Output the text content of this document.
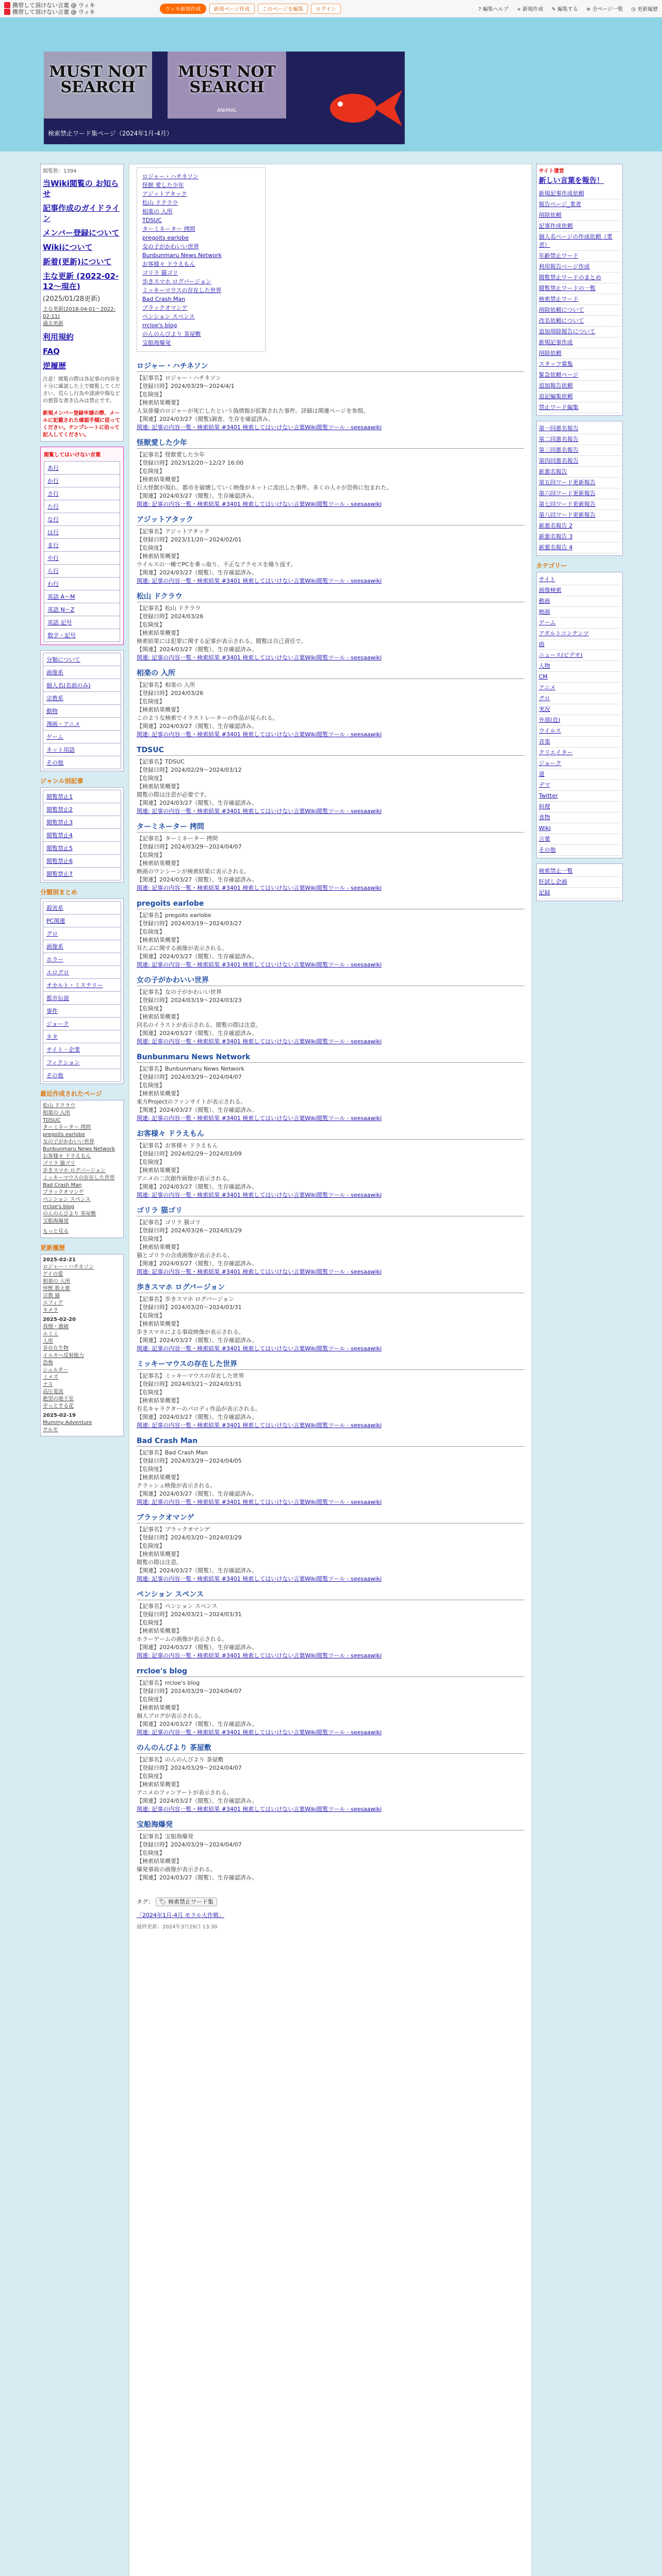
携帯して頂けない言葉 @ ウィキ
携帯して頂けない言葉 @ ウィキ	ウィキ新規作成	新規ページ作成	このページを編集	ログイン	? 編集ヘルプ + 新規作成 ✎ 編集する ≡ 全ページ一覧 ◷ 更新履歴
MUST NOT SEARCH
MUST NOT SEARCH
ANIMAL
検索禁止ワード集ページ（2024年1月-4月）
閲覧数：1394
当Wiki閲覧の お知らせ
記事作成のガイドライン
メンバー登録について
Wikiについて
新着(更新)について
主な更新 (2022-02-12〜現在)
(2025/01/28更新)
主な更新(2018-04-01〜2022-02-11)
過去更新
利用規約
FAQ
逆履歴
注意！閲覧の際は各記事の内容を十分に確認した上で閲覧してください。荒らし行為や誹謗中傷などの悪質な書き込みは禁止です。
新規メンバー登録申請の際、メールに記載された確認手順に従ってください。テンプレートに沿って記入してください。
閲覧してはいけない言葉
あ行
か行
さ行
た行
な行
は行
ま行
や行
ら行
わ行
英語 A〜M
英語 N〜Z
英語 記号
数字・記号
分類について
画像系
個人名(名前のみ)
宗教系
動物
漫画・アニメ
ゲーム
ネット用語
その他
ジャンル別記事
閲覧禁止1
閲覧禁止2
閲覧禁止3
閲覧禁止4
閲覧禁止5
閲覧禁止6
閲覧禁止7
分類別まとめ
殺害系
PC関連
グロ
画像系
ホラー
エログロ
オカルト・ミステリー
都市伝説
事件
ジョーク
ネタ
サイト・企業
フィクション
その他
最近作成されたページ
松山 ドクラウ
相楽の 入所
TDSUC
ターミネーター 拷問
pregoits earlobe
女の子がかわいい世界
Bunbunmaru News Network
お客様々 ドラえもん
ゴリラ 猫ゴリ
歩きスマホ ログバージョン
ミッキーマウスの存在した世界
Bad Crash Man
ブラックオマンゲ
ペンション スペンス
rrcloe's blog
のんのんびより 茶屋敷
宝船海爆発
もっと見る
更新履歴
2025-02-21
ロジャー・ハチネソン
ゲイの愛
相楽の 入所
怪獣 数え歌
宗教 猫
スフィア
キメラ
2025-02-20
我慢・激痛
ルミミ
人形
非存在生物
イルカへ反射能力
恐怖
シェルター
ミメズ
ナス
高圧電流
絶望の地下室
ぞっとする花
2025-02-19
Mummy Adventure
サルモ
ロジャー・ハチネソン
怪獣 愛した少年
アジットアタック
松山 ドクラウ
相楽の 入所
TDSUC
ターミネーター 拷問
pregoits earlobe
女の子がかわいい世界
Bunbunmaru News Network
お客様々 ドラえもん
ゴリラ 猫ゴリ
歩きスマホ ログバージョン
ミッキーマウスの存在した世界
Bad Crash Man
ブラックオマンゲ
ペンション スペンス
rrcloe's blog
のんのんびより 茶屋敷
宝船海爆発
ロジャー・ハチネソン
【記事名】ロジャー・ハチネソン
【登録日時】2024/03/29〜2024/4/1
【危険度】
【検索結果概要】
人気俳優のロジャーが死亡したという偽情報が拡散された事件。詳細は関連ページを参照。
【関連】2024/03/27（閲覧)調査、生存を確認済み。
関連: 記事の内容一覧・検索結果 #3401 検索してはいけない言葉Wiki閲覧ツール - seesaawiki
怪獣愛した少年
【記事名】怪獣愛した少年
【登録日時】2023/12/20〜12/27 16:00
【危険度】
【検索結果概要】
巨大怪獣が現れ、都市を破壊していく映像がネットに流出した事件。多くの人々が恐怖に包まれた。
【関連】2024/03/27（閲覧）、生存確認済み。
関連: 記事の内容一覧・検索結果 #3401 検索してはいけない言葉Wiki閲覧ツール - seesaawiki
アジットアタック
【記事名】アジットアタック
【登録日時】2023/11/20〜2024/02/01
【危険度】
【検索結果概要】
ウイルスの一種でPCを乗っ取り、不正なアクセスを繰り返す。
【関連】2024/03/27（閲覧）、生存確認済み。
関連: 記事の内容一覧・検索結果 #3401 検索してはいけない言葉Wiki閲覧ツール - seesaawiki
松山 ドクラウ
【記事名】松山 ドクラウ
【登録日時】2024/03/26
【危険度】
【検索結果概要】
検索結果には犯罪に関する記事が表示される。閲覧は自己責任で。
【関連】2024/03/27（閲覧）、生存確認済み。
関連: 記事の内容一覧・検索結果 #3401 検索してはいけない言葉Wiki閲覧ツール - seesaawiki
相楽の 入所
【記事名】相楽の 入所
【登録日時】2024/03/26
【危険度】
【検索結果概要】
このような検索でイラストレーターの作品が見られる。
【関連】2024/03/27（閲覧）、生存確認済み。
関連: 記事の内容一覧・検索結果 #3401 検索してはいけない言葉Wiki閲覧ツール - seesaawiki
TDSUC
【記事名】TDSUC
【登録日時】2024/02/29〜2024/03/12
【危険度】
【検索結果概要】
閲覧の際は注意が必要です。
【関連】2024/03/27（閲覧）、生存確認済み。
関連: 記事の内容一覧・検索結果 #3401 検索してはいけない言葉Wiki閲覧ツール - seesaawiki
ターミネーター 拷問
【記事名】ターミネーター 拷問
【登録日時】2024/03/29〜2024/04/07
【危険度】
【検索結果概要】
映画のワンシーンが検索結果に表示される。
【関連】2024/03/27（閲覧）、生存確認済み。
関連: 記事の内容一覧・検索結果 #3401 検索してはいけない言葉Wiki閲覧ツール - seesaawiki
pregoits earlobe
【記事名】pregoits earlobe
【登録日時】2024/03/19〜2024/03/27
【危険度】
【検索結果概要】
耳たぶに関する画像が表示される。
【関連】2024/03/27（閲覧）、生存確認済み。
関連: 記事の内容一覧・検索結果 #3401 検索してはいけない言葉Wiki閲覧ツール - seesaawiki
女の子がかわいい世界
【記事名】女の子がかわいい世界
【登録日時】2024/03/19〜2024/03/23
【危険度】
【検索結果概要】
同名のイラストが表示される。閲覧の際は注意。
【関連】2024/03/27（閲覧）、生存確認済み。
関連: 記事の内容一覧・検索結果 #3401 検索してはいけない言葉Wiki閲覧ツール - seesaawiki
Bunbunmaru News Network
【記事名】Bunbunmaru News Network
【登録日時】2024/03/29〜2024/04/07
【危険度】
【検索結果概要】
東方Projectのファンサイトが表示される。
【関連】2024/03/27（閲覧）、生存確認済み。
関連: 記事の内容一覧・検索結果 #3401 検索してはいけない言葉Wiki閲覧ツール - seesaawiki
お客様々 ドラえもん
【記事名】お客様々 ドラえもん
【登録日時】2024/02/29〜2024/03/09
【危険度】
【検索結果概要】
アニメの二次創作画像が表示される。
【関連】2024/03/27（閲覧）、生存確認済み。
関連: 記事の内容一覧・検索結果 #3401 検索してはいけない言葉Wiki閲覧ツール - seesaawiki
ゴリラ 猫ゴリ
【記事名】ゴリラ 猫ゴリ
【登録日時】2024/03/26〜2024/03/29
【危険度】
【検索結果概要】
猫とゴリラの合成画像が表示される。
【関連】2024/03/27（閲覧）、生存確認済み。
関連: 記事の内容一覧・検索結果 #3401 検索してはいけない言葉Wiki閲覧ツール - seesaawiki
歩きスマホ ログバージョン
【記事名】歩きスマホ ログバージョン
【登録日時】2024/03/20〜2024/03/31
【危険度】
【検索結果概要】
歩きスマホによる事故映像が表示される。
【関連】2024/03/27（閲覧）、生存確認済み。
関連: 記事の内容一覧・検索結果 #3401 検索してはいけない言葉Wiki閲覧ツール - seesaawiki
ミッキーマウスの存在した世界
【記事名】ミッキーマウスの存在した世界
【登録日時】2024/03/21〜2024/03/31
【危険度】
【検索結果概要】
有名キャラクターのパロディ作品が表示される。
【関連】2024/03/27（閲覧）、生存確認済み。
関連: 記事の内容一覧・検索結果 #3401 検索してはいけない言葉Wiki閲覧ツール - seesaawiki
Bad Crash Man
【記事名】Bad Crash Man
【登録日時】2024/03/29〜2024/04/05
【危険度】
【検索結果概要】
クラッシュ映像が表示される。
【関連】2024/03/27（閲覧）、生存確認済み。
関連: 記事の内容一覧・検索結果 #3401 検索してはいけない言葉Wiki閲覧ツール - seesaawiki
ブラックオマンゲ
【記事名】ブラックオマンゲ
【登録日時】2024/03/20〜2024/03/29
【危険度】
【検索結果概要】
閲覧の際は注意。
【関連】2024/03/27（閲覧）、生存確認済み。
関連: 記事の内容一覧・検索結果 #3401 検索してはいけない言葉Wiki閲覧ツール - seesaawiki
ペンション スペンス
【記事名】ペンション スペンス
【登録日時】2024/03/21〜2024/03/31
【危険度】
【検索結果概要】
ホラーゲームの画像が表示される。
【関連】2024/03/27（閲覧）、生存確認済み。
関連: 記事の内容一覧・検索結果 #3401 検索してはいけない言葉Wiki閲覧ツール - seesaawiki
rrcloe's blog
【記事名】rrcloe's blog
【登録日時】2024/03/29〜2024/04/07
【危険度】
【検索結果概要】
個人ブログが表示される。
【関連】2024/03/27（閲覧）、生存確認済み。
関連: 記事の内容一覧・検索結果 #3401 検索してはいけない言葉Wiki閲覧ツール - seesaawiki
のんのんびより 茶屋敷
【記事名】のんのんびより 茶屋敷
【登録日時】2024/03/29〜2024/04/07
【危険度】
【検索結果概要】
アニメのファンアートが表示される。
【関連】2024/03/27（閲覧）、生存確認済み。
関連: 記事の内容一覧・検索結果 #3401 検索してはいけない言葉Wiki閲覧ツール - seesaawiki
宝船海爆発
【記事名】宝船海爆発
【登録日時】2024/03/29〜2024/04/07
【危険度】
【検索結果概要】
爆発事故の画像が表示される。
【関連】2024/03/27（閲覧）、生存確認済み。
タグ： 🏷 検索禁止ワード集
「2024年1月-4月 モラル大作戦」
最終更新：2024年3月29日 13:30
サイト運営
新しい言葉を報告！
新規記事作成依頼
報告ページ_業者
削除依頼
記事作成依頼
個人名ページの作成依頼（業者）
年齢禁止ワード
利用報告ページ作成
閲覧禁止ワードのまとめ
閲覧禁止ワードの一覧
検索禁止ワード
削除依頼について
改名依頼について
追加削除報告について
新規記事作成
削除依頼
スタッフ募集
緊急依頼ページ
追加報告依頼
追記編集依頼
禁止ワード編集
第一回悪名報告
第二回悪名報告
第三回悪名報告
第四回悪名報告
新悪名報告
第五回ワード更新報告
第六回ワード更新報告
第七回ワード更新報告
第八回ワード更新報告
新悪名報告 2
新悪名報告 3
新悪名報告 4
カテゴリー
サイト
画像検索
動画
映画
ゲーム
アダルトコンテンツ
曲
ニュース(ビデオ)
人物
CM
アニメ
グロ
実況
外部(直)
ウイルス
音楽
クリエイター
ジョーク
道
デマ
Twitter
料理
食物
Wiki
言葉
その他
検索禁止一覧
肝試し企画
記録
